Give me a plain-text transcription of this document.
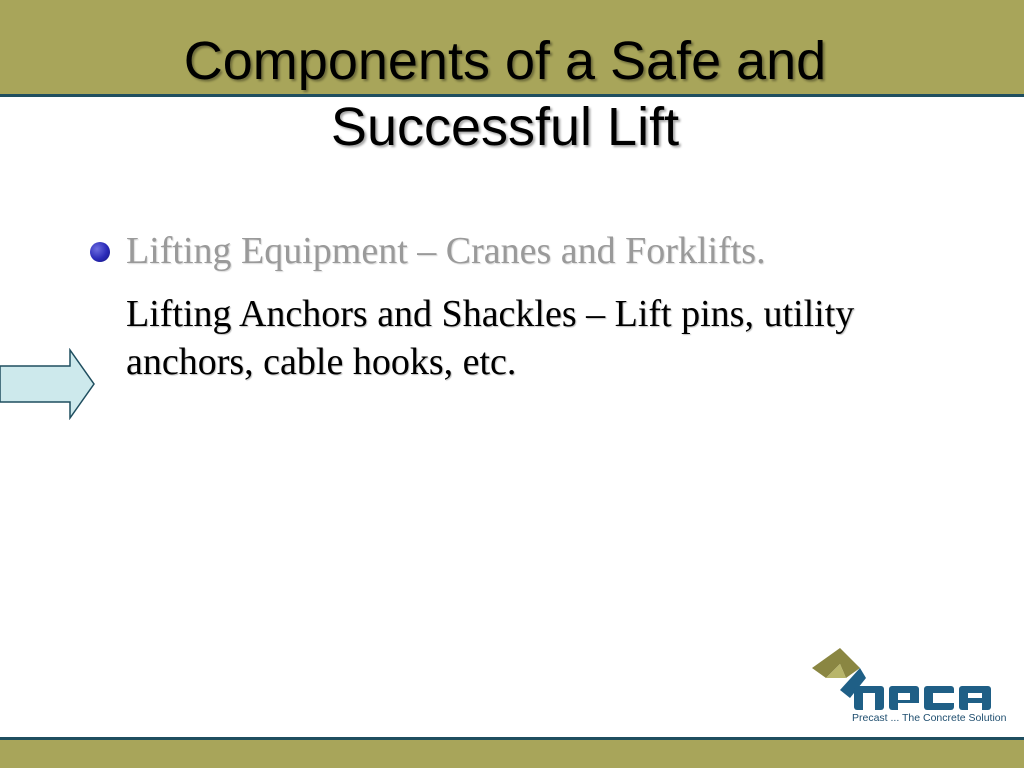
Components of a Safe and
Successful Lift
Lifting Equipment – Cranes and Forklifts.
Lifting Anchors and Shackles – Lift pins, utility anchors, cable hooks, etc.
Precast ... The Concrete Solution
